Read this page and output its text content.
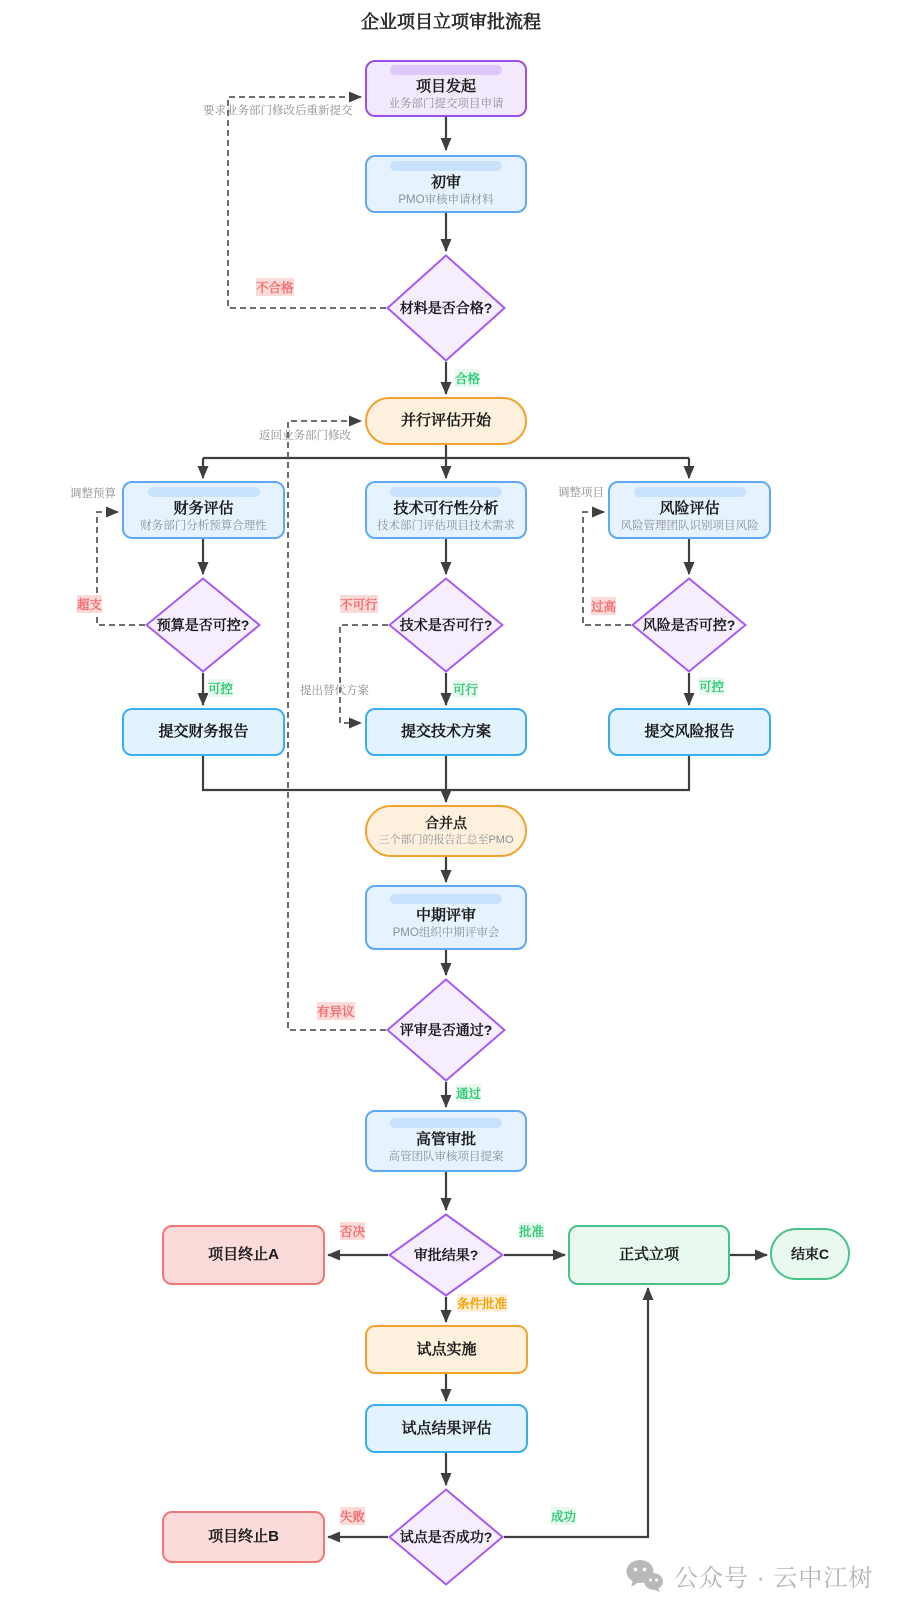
企业项目立项审批流程
项目发起
业务部门提交项目申请
初审
PMO审核申请材料
并行评估开始
财务评估
财务部门分析预算合理性
技术可行性分析
技术部门评估项目技术需求
风险评估
风险管理团队识别项目风险
提交财务报告	提交技术方案	提交风险报告
合并点
三个部门的报告汇总至PMO
中期评审
PMO组织中期评审会
高管审批
高管团队审核项目提案
项目终止A	正式立项	结束C
试点实施
试点结果评估
项目终止B
材料是否合格?
预算是否可控?	技术是否可行?	风险是否可控?
评审是否通过?
审批结果?
试点是否成功?
要求业务部门修改后重新提交
不合格
合格
返回业务部门修改
调整预算
超支
可控
不可行
可行
提出替代方案
过高
调整项目
可控
有异议
通过
否决	批准
条件批准
失败	成功
公众号 · 云中江树
